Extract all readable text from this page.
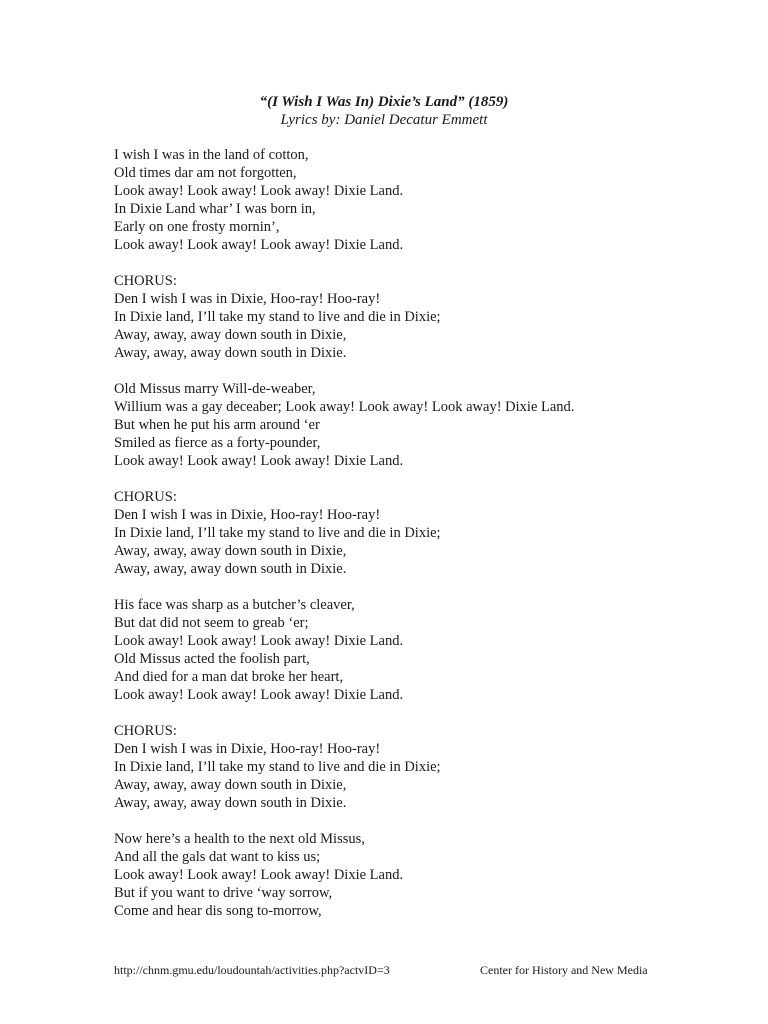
“(I Wish I Was In) Dixie’s Land” (1859)
Lyrics by: Daniel Decatur Emmett
I wish I was in the land of cotton,
Old times dar am not forgotten,
Look away! Look away! Look away! Dixie Land.
In Dixie Land whar’ I was born in,
Early on one frosty mornin’,
Look away! Look away! Look away! Dixie Land.
CHORUS:
Den I wish I was in Dixie, Hoo-ray! Hoo-ray!
In Dixie land, I’ll take my stand to live and die in Dixie;
Away, away, away down south in Dixie,
Away, away, away down south in Dixie.
Old Missus marry Will-de-weaber,
Willium was a gay deceaber; Look away! Look away! Look away! Dixie Land.
But when he put his arm around ‘er
Smiled as fierce as a forty-pounder,
Look away! Look away! Look away! Dixie Land.
CHORUS:
Den I wish I was in Dixie, Hoo-ray! Hoo-ray!
In Dixie land, I’ll take my stand to live and die in Dixie;
Away, away, away down south in Dixie,
Away, away, away down south in Dixie.
His face was sharp as a butcher’s cleaver,
But dat did not seem to greab ‘er;
Look away! Look away! Look away! Dixie Land.
Old Missus acted the foolish part,
And died for a man dat broke her heart,
Look away! Look away! Look away! Dixie Land.
CHORUS:
Den I wish I was in Dixie, Hoo-ray! Hoo-ray!
In Dixie land, I’ll take my stand to live and die in Dixie;
Away, away, away down south in Dixie,
Away, away, away down south in Dixie.
Now here’s a health to the next old Missus,
And all the gals dat want to kiss us;
Look away! Look away! Look away! Dixie Land.
But if you want to drive ‘way sorrow,
Come and hear dis song to-morrow,
http://chnm.gmu.edu/loudountah/activities.php?actvID=3	Center for History and New Media
